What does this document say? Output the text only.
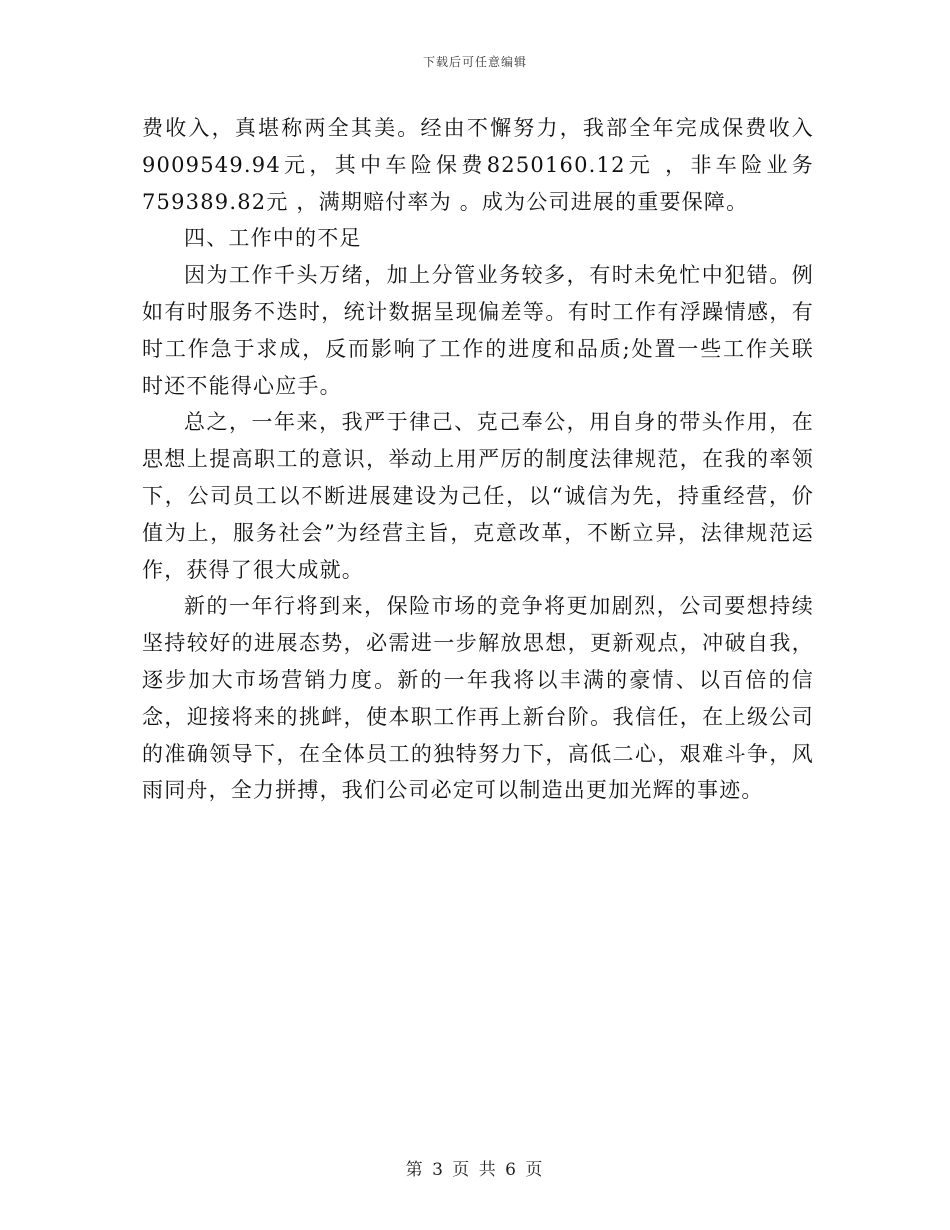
下载后可任意编辑

费收入，真堪称两全其美。经由不懈努力，我部全年完成保费收入9009549.94元，其中车险保费8250160.12元 ，非车险业务759389.82元 ，满期赔付率为 。成为公司进展的重要保障。

四、工作中的不足

因为工作千头万绪，加上分管业务较多，有时未免忙中犯错。例如有时服务不迭时，统计数据呈现偏差等。有时工作有浮躁情感，有时工作急于求成，反而影响了工作的进度和品质;处置一些工作关联时还不能得心应手。

总之，一年来，我严于律己、克己奉公，用自身的带头作用，在思想上提高职工的意识，举动上用严厉的制度法律规范，在我的率领下，公司员工以不断进展建设为己任，以“诚信为先，持重经营，价值为上，服务社会”为经营主旨，克意改革，不断立异，法律规范运作，获得了很大成就。

新的一年行将到来，保险市场的竞争将更加剧烈，公司要想持续坚持较好的进展态势，必需进一步解放思想，更新观点，冲破自我，逐步加大市场营销力度。新的一年我将以丰满的豪情、以百倍的信念，迎接将来的挑衅，使本职工作再上新台阶。我信任，在上级公司的准确领导下，在全体员工的独特努力下，高低二心，艰难斗争，风雨同舟，全力拼搏，我们公司必定可以制造出更加光辉的事迹。

第 3 页 共 6 页
